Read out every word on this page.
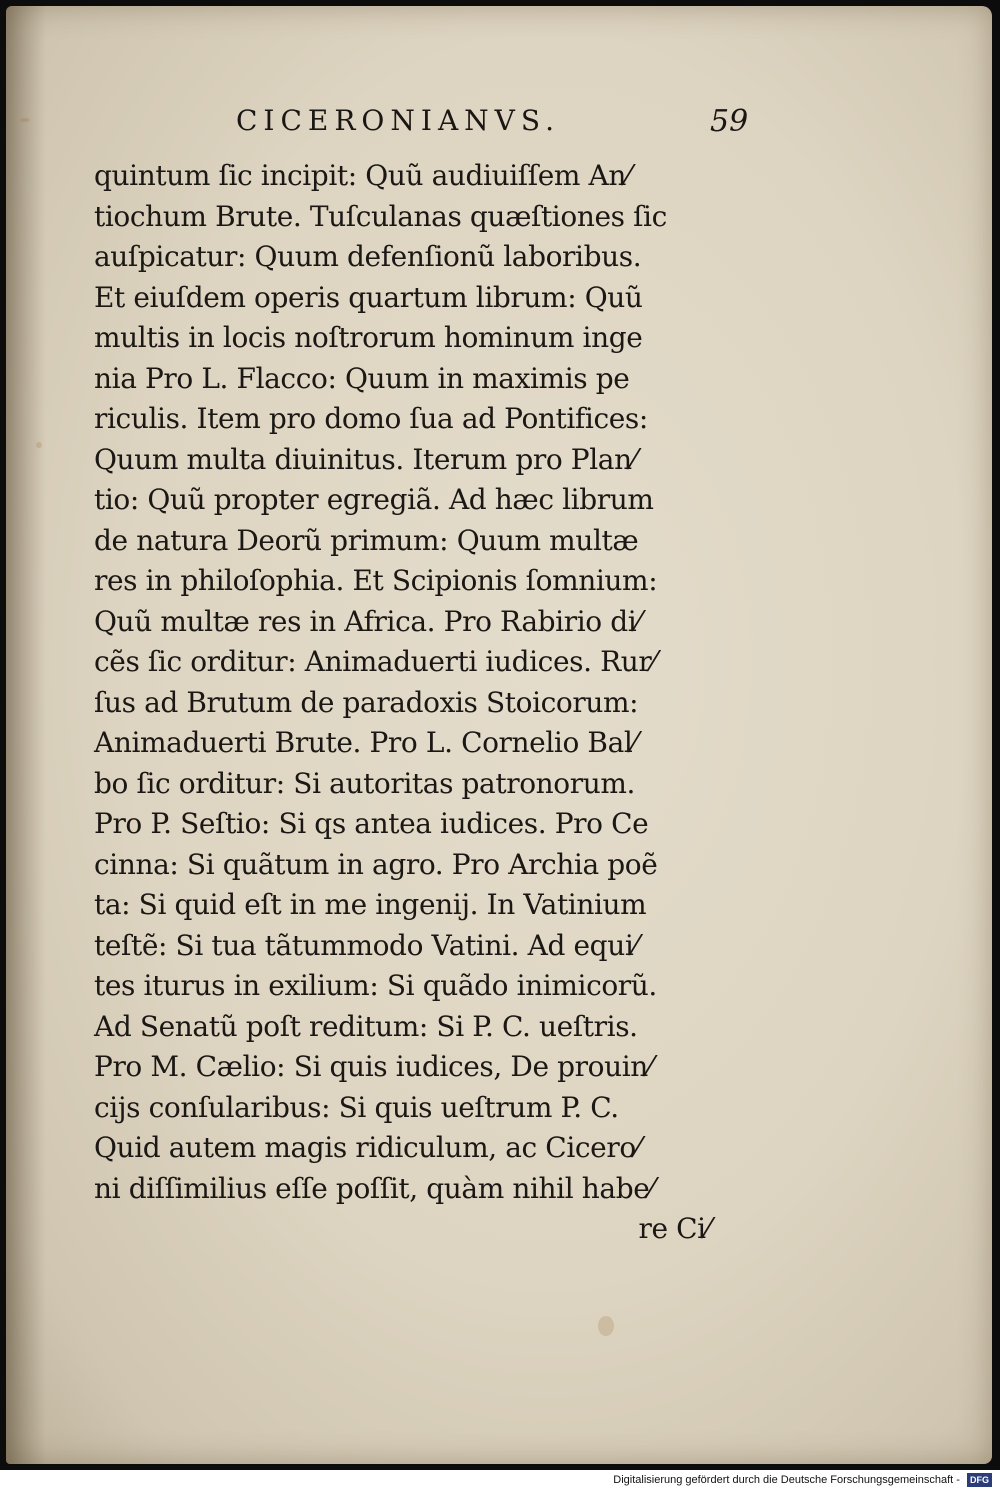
CICERONIANVS.	59
quintum ſic incipit: Quũ audiuiſſem An⁄
tiochum Brute. Tuſculanas quæſtiones ſic
auſpicatur: Quum defenſionũ laboribus.
Et eiuſdem operis quartum librum: Quũ
multis in locis noſtrorum hominum inge
nia Pro L. Flacco: Quum in maximis pe
riculis. Item pro domo ſua ad Pontifices:
Quum multa diuinitus. Iterum pro Plan⁄
tio: Quũ propter egregiã. Ad hæc librum
de natura Deorũ primum: Quum multæ
res in philoſophia. Et Scipionis ſomnium:
Quũ multæ res in Africa. Pro Rabirio di⁄
cẽs ſic orditur: Animaduerti iudices. Rur⁄
ſus ad Brutum de paradoxis Stoicorum:
Animaduerti Brute. Pro L. Cornelio Bal⁄
bo ſic orditur: Si autoritas patronorum.
Pro P. Seſtio: Si qs antea iudices. Pro Ce
cinna: Si quãtum in agro. Pro Archia poẽ
ta: Si quid eſt in me ingenij. In Vatinium
teſtẽ: Si tua tãtummodo Vatini. Ad equi⁄
tes iturus in exilium: Si quãdo inimicorũ.
Ad Senatũ poſt reditum: Si P. C. ueſtris.
Pro M. Cælio: Si quis iudices, De prouin⁄
cijs conſularibus: Si quis ueſtrum P. C.
Quid autem magis ridiculum, ac Cicero⁄
ni diſſimilius eſſe poſſit, quàm nihil habe⁄
re Ci⁄
Digitalisierung gefördert durch die Deutsche Forschungsgemeinschaft - DFG
